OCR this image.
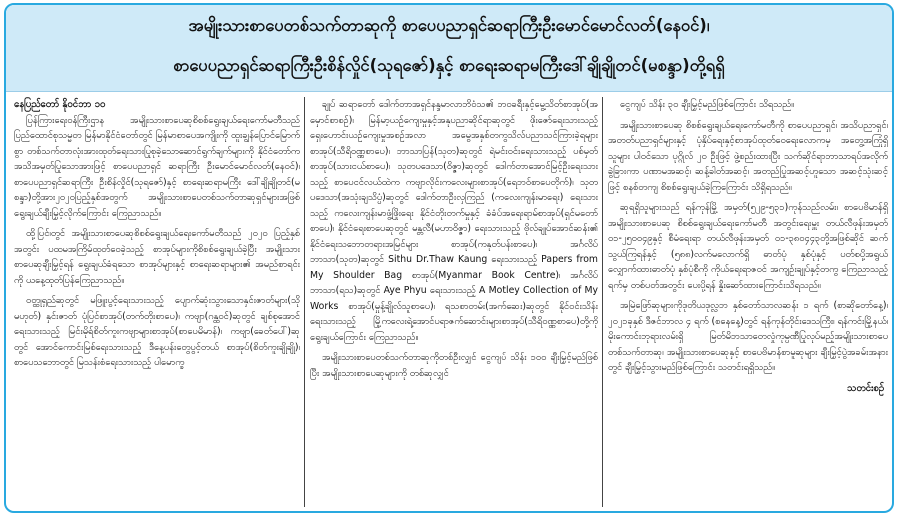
အမျိုးသားစာပေတစ်သက်တာဆုကို စာပေပညာရှင်ဆရာကြီးဦးမောင်မောင်လတ်(နေဝင်)၊
စာပေပညာရှင်ဆရာကြီးဦးစိန်လှိုင်(သုရဇော်)နှင့် စာရေးဆရာမကြီးဒေါ်ချိုချိုတင်(မစန္ဒာ)တို့ရရှိ

နေပြည်တော် နိုဝင်ဘာ ၁၀

ပြန်ကြားရေးဝန်ကြီးဌာန အမျိုးသားစာပေဆုစိစစ်ရွေးချယ်ရေးကော်မတီသည် ပြည်ထောင်စုသမ္မတ မြန်မာနိုင်ငံတော်တွင် မြန်မာစာပေအကျိုးကို ထူးချွန်ပြောင်မြောက်စွာ တစ်သက်တာလုံးအားထုတ်ရေးသားပြုစုခဲ့သောဆောင်ရွက်ချက်များကို နိုင်ငံတော်က အသိအမှတ်ပြုသောအားဖြင့် စာပေပညာရှင် ဆရာကြီး ဦးမောင်မောင်လတ်(နေဝင်)၊ စာပေပညာရှင်ဆရာကြီး ဦးစိန်လှိုင်(သုရဇော်)နှင့် စာရေးဆရာမကြီး ဒေါ်ချိုချိုတင်(မစန္ဒာ)တို့အား၂၀၂၀ပြည့်နှစ်အတွက် အမျိုးသားစာပေတစ်သက်တာဆုရှင်များအဖြစ် ရွေးချယ်ချီးမြှင့်လိုက်ကြောင်း ကြေညာသည်။

ထို့ပြင်၊တွင် အမျိုးသားစာပေဆုစိစစ်ရွေးချယ်ရေးကော်မတီသည် ၂၀၂၀ ပြည့်နှစ်အတွင်း ပထမအကြိမ်ထုတ်ဝေခဲ့သည့် စာအုပ်များကိုစိစစ်ရွေးချယ်ခဲ့ပြီး အမျိုးသားစာပေဆုချီးမြှင့်ရန် ရွေးချယ်ခံရသော စာအုပ်များနှင့် စာရေးဆရာများ၏ အမည်စာရင်းကို ယနေ့ထုတ်ပြန်ကြေညာသည်။

ဝတ္ထုရှည်ဆုတွင် မဖြူးပွင့်ရေးသားသည့် ပျောက်ဆုံးသွားသောနှင်းဇာတ်များ(သိုမဟုတ်) နှင်းဇာတ် ပုံပြင်စာအုပ်(တက်တိုးစာပေ)၊ ကဗျာ(ဂန္ထဝင်)ဆုတွင် ချစ်စုအောင်ရေးသားသည့် မြင်းမိုရ်စိတ်ကူးကဗျာများစာအုပ်(စာပေမိမာန်)၊ ကဗျာ(ခေတ်ပေါ်)ဆုတွင် အောင်ကောင်းမြစ်ရေးသားသည့် ဒီနေ့ပန်းတွေပွင့်တယ် စာအုပ်(စိတ်ကူးချိုချို)၊ စာပေသဘောတွင် မြသန်းစံရေးသားသည့် ပါမောက္ခ

ချုပ် ဆရာတော် ဒေါက်တာအရှင်နန္ဒမာလာဘိဝံသ၏ ဘဝခရီးနှင့်မွေ့သိတ်စာအုပ်(အမှောင်စာစဉ်)၊ မြန်မာ့ယဉ်ကျေးမှုနှင့်အနုပညာဆိုင်ရာဆုတွင် ဖိုးဇော်ရေးသားသည့် ရှေးဟောင်းယဉ်ကျေးမှုအစဉ်အလာ အမွေအနှစ်တကွသိလ်ပညာသင်ကြားခဲ့ရများစာအုပ်(သီရိဝဏ္ဏစာပေ)၊ ဘာသာပြန်(သုတ)ဆုတွင် ရဲမင်းဝင်းရေးသားသည့် ပစ်မှတ်စာအုပ်(သားငယ်စာပေ)၊ သုတပဒေသာ(ဝိဇ္ဇာ)ဆုတွင် ဒေါက်တာအောင်မြင့်ဦးရေးသားသည့် စာပေငင်လယ်ထဲက ကဗျာလိုင်းကလေးများစာအုပ်(ရေဘဝ်စာပေတိုက်)၊ သုတပဒေသာ(အသုံးချသိပ္ပံ)ဆုတွင် ဒေါက်တာဦးလှကြည် (ကလေးကျန်းမာရေး) ရေးသားသည့် ကလေးကျန်းမာဖွံ့ဖြိုးရေး နိုင်ငံတိုးတက်မှုနှင့် ခံခံပ်အရေးရာမ်စာအုပ်(ရှင်မတော်စာပေ)၊ နိုင်ငံရေးစာပေဆုတွင် မန္တလီ(မဟာဝိဇ္ဇာ) ရေးသားသည့် ဗိုလ်ချုပ်အောင်ဆန်း၏ နိုင်ငံရေးသဘောတရားအမြင်များ စာအုပ်(ကနုတ်ပန်းစာပေ)၊ အင်္ဂလိပ်ဘာသာ(သုတ)ဆုတွင် Sithu Dr.Thaw Kaung ရေးသားသည့် Papers from My Shoulder Bag စာအုပ်(Myanmar Book Centre)၊ အင်္ဂလိပ်ဘာသာ(ရသ)ဆုတွင် Aye Phyu ရေးသားသည့် A Motley Collection of My Works စာအုပ်(မှုန့်ချိုလ်သူစာပေ)၊ ရသစာတမ်း(အက်ဆေး)ဆုတွင် နိုင်ဝင်းသိန်းရေးသားသည့် မြို့ကလေးရဲ့အောင်ပရာဇက်ဆောင်းများစာအုပ်(သီရိဝဏ္ဏစာပေ)တို့ကိုရွေးချယ်ကြောင်း ကြေညာသည်။

အမျိုးသားစာပေတစ်သက်တာဆုကိုတစ်ဦးလျှင် ငွေကျပ် သိန်း ၁၀၀ ချီးမြှင့်မည်ဖြစ်ပြီး အမျိုးသားစာပေဆုများကို တစ်ဆုလျှင်

ငွေကျပ် သိန်း ၃၀ ချီးမြှင့်မည်ဖြစ်ကြောင်း သိရသည်။

အမျိုးသားစာပေဆု စိစစ်ရွေးချယ်ရေးကော်မတီကို စာပေပညာရှင်၊ အသိပညာရှင်၊ အတတ်ပညာရှင်များနှင့် ပုံနှိပ်ရေးနှင့်စာအုပ်ထုတ်ဝေရေးလောကမှ အတွေ့အကြုံရှိသူများ ပါဝင်သော ပုဂ္ဂိုလ် ၂၀ ဦးဖြင့် ဖွဲ့စည်းထားပြီး သက်ဆိုင်ရာဘာသာရပ်အလိုက် ခွဲခြားကာ ပဏာမအဆင့်၊ ဆန့်ခါတ်အဆင့်၊ အတည်ပြုအဆင့်ဟူသော အဆင့်သုံးဆင့်ဖြင့် စနစ်တကျ စိစစ်ရွေးချယ်ခဲ့ကြကြောင်း သိရှိရသည်။

ဆုရရှိသူများသည် ရန်ကုန်မြို့ အမှတ်(၅၂၉-၅၃၁)ကုန်သည်လမ်း၊ စာပေဗိမာန်ရှိ အမျိုးသားစာပေဆု စိစစ်ရွေးချယ်ရေးကော်မတီ အတွင်းရေးမှူး တယ်လီဖုန်းအမှတ် ၀၁-၂၅၀၀၄၉နှင့် စီမံရေးရာ တယ်လီဖုန်းအမှတ် ၀၁-၃၈၀၄၄၃တို့အဖြစ်ဆိုင် ဆက်သွယ်ကြရန်နှင့် (၅၈၈)လက်မလောက်ရှိ ဓာတ်ပုံ နှစ်ပုံနှင့် ပတ်စပို့အရွယ် လျှောက်ထားဓာတ်ပုံ နှစ်ပုံစီကို ကိုယ်ရေးရာဇဝင် အကျဉ်းချုပ်နှင့်တကွ ကြေညာသည့်ရက်မှ တစ်ပတ်အတွင်း ပေးပို့ရန် နှိုးဆော်ထားကြောင်းသိရသည်။

အမြဲဖြော်ဆုများကိုဒုတိယဒုလ္လဘ နှစ်တော်သာလဆန်း ၁ ရက် (စာဆိုတော်နေ့)၊ ၂၀၂၁ခုနှစ် ဒီဇင်ဘာလ ၄ ရက် (စနေနေ့)တွင် ရန်ကုန်တိုင်းဒေသကြီး၊ ရန်ကင်းမြို့နယ်၊ မိုးကောင်းဘုရားလမ်းရှိ မြတ်မိဘသာတေလှုံကုမ္ပဏီပြုလုပ်မည့်အမျိုးသားစာပေတစ်သက်တာဆု၊ အမျိုးသားစာပေဆုနှင့် စာပေဗိမာန်စာမူဆုများ ချီးမြှင့်ပွဲအခမ်းအနားတွင် ချီးမြှင့်သွားမည်ဖြစ်ကြောင်း သတင်းရရှိသည်။

သတင်းစဉ်
